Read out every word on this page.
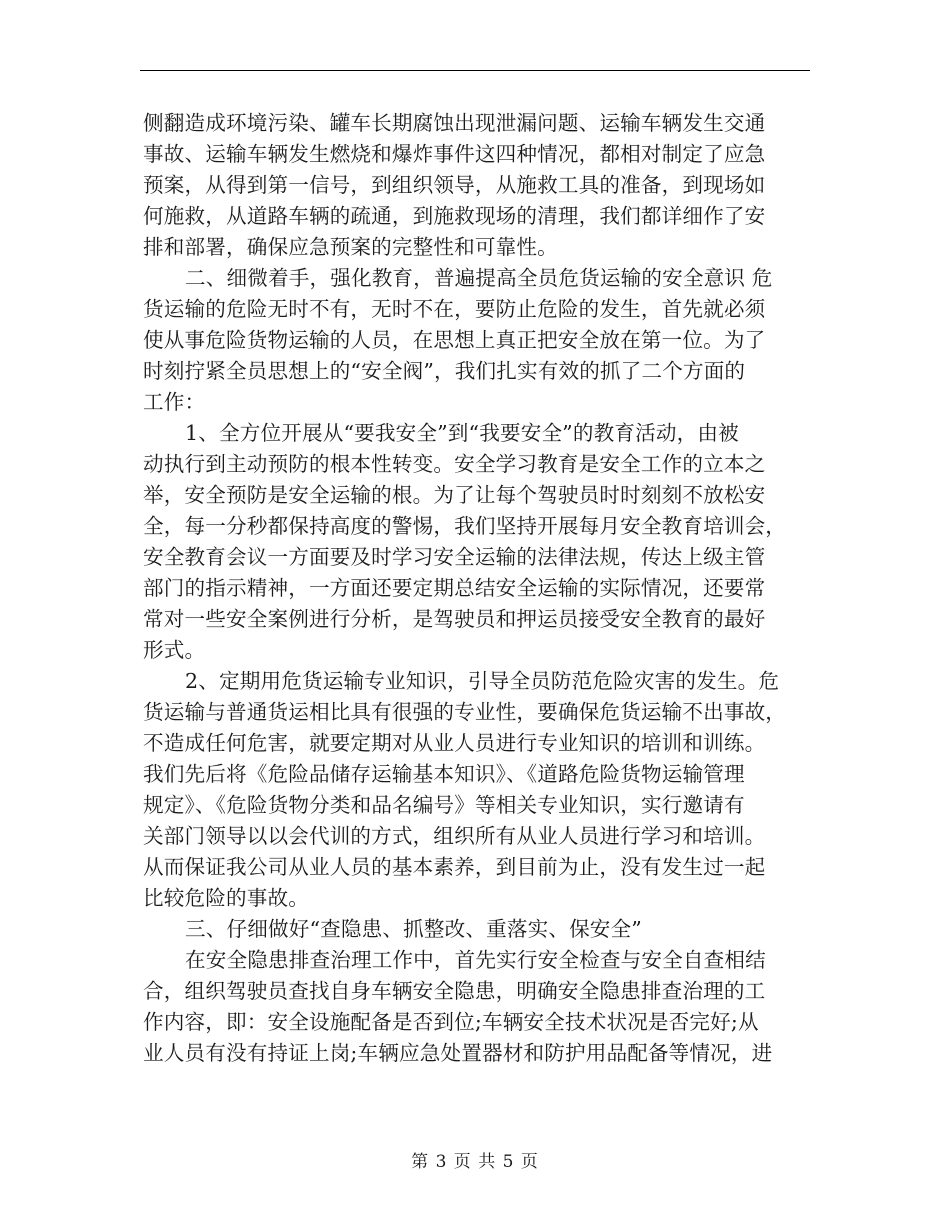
侧翻造成环境污染、罐车长期腐蚀出现泄漏问题、运输车辆发生交通
事故、运输车辆发生燃烧和爆炸事件这四种情况，都相对制定了应急
预案，从得到第一信号，到组织领导，从施救工具的准备，到现场如
何施救，从道路车辆的疏通，到施救现场的清理，我们都详细作了安
排和部署，确保应急预案的完整性和可靠性。
二、细微着手，强化教育，普遍提高全员危货运输的安全意识 危
货运输的危险无时不有，无时不在，要防止危险的发生，首先就必须
使从事危险货物运输的人员，在思想上真正把安全放在第一位。为了
时刻拧紧全员思想上的“安全阀”，我们扎实有效的抓了二个方面的
工作：
1、全方位开展从“要我安全”到“我要安全”的教育活动，由被
动执行到主动预防的根本性转变。安全学习教育是安全工作的立本之
举，安全预防是安全运输的根。为了让每个驾驶员时时刻刻不放松安
全，每一分秒都保持高度的警惕，我们坚持开展每月安全教育培训会，
安全教育会议一方面要及时学习安全运输的法律法规，传达上级主管
部门的指示精神，一方面还要定期总结安全运输的实际情况，还要常
常对一些安全案例进行分析，是驾驶员和押运员接受安全教育的最好
形式。
2、定期用危货运输专业知识，引导全员防范危险灾害的发生。危
货运输与普通货运相比具有很强的专业性，要确保危货运输不出事故，
不造成任何危害，就要定期对从业人员进行专业知识的培训和训练。
我们先后将《危险品储存运输基本知识》、《道路危险货物运输管理
规定》、《危险货物分类和品名编号》等相关专业知识，实行邀请有
关部门领导以以会代训的方式，组织所有从业人员进行学习和培训。
从而保证我公司从业人员的基本素养，到目前为止，没有发生过一起
比较危险的事故。
三、仔细做好“查隐患、抓整改、重落实、保安全”
在安全隐患排查治理工作中，首先实行安全检查与安全自查相结
合，组织驾驶员查找自身车辆安全隐患，明确安全隐患排查治理的工
作内容，即：安全设施配备是否到位;车辆安全技术状况是否完好;从
业人员有没有持证上岗;车辆应急处置器材和防护用品配备等情况，进
第 3 页 共 5 页
